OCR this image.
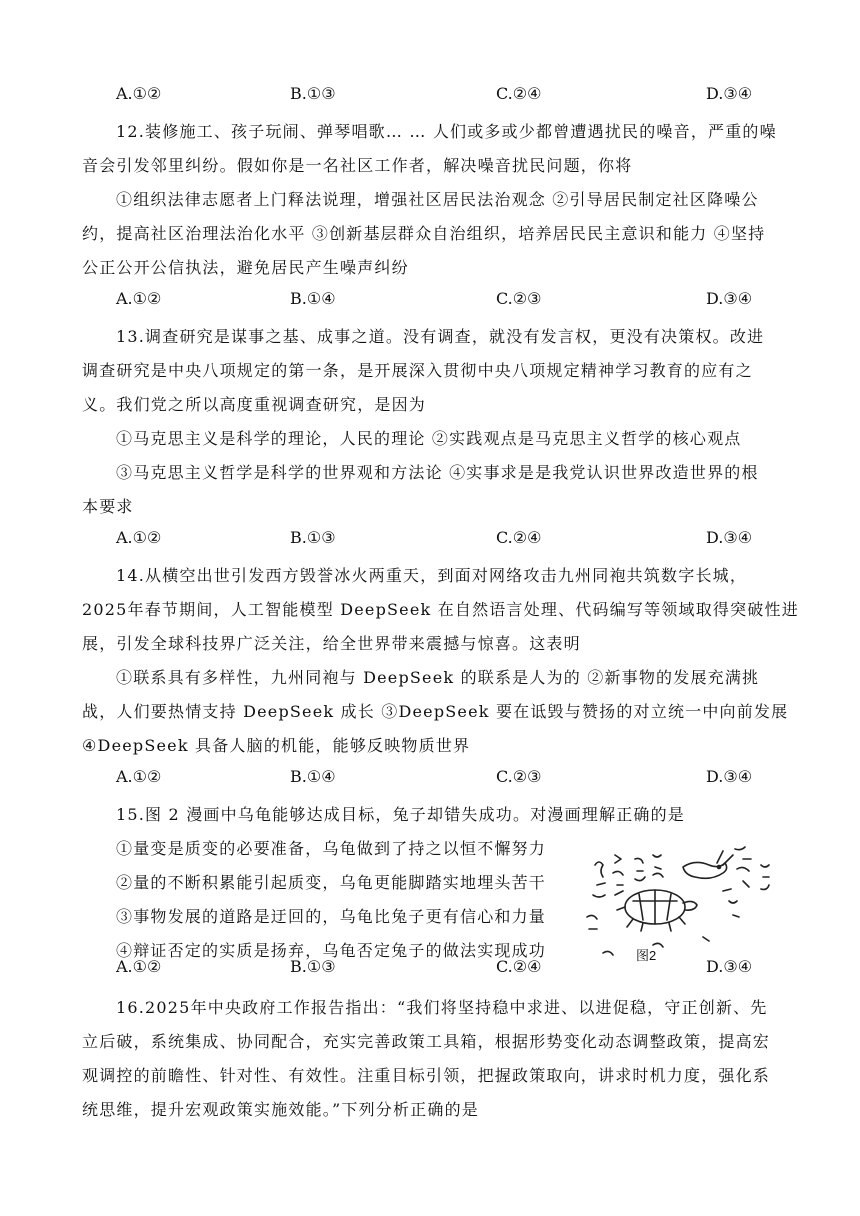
A.①②	B.①③	C.②④	D.③④
12.装修施工、孩子玩闹、弹琴唱歌… … 人们或多或少都曾遭遇扰民的噪音，严重的噪
音会引发邻里纠纷。假如你是一名社区工作者，解决噪音扰民问题，你将
①组织法律志愿者上门释法说理，增强社区居民法治观念 ②引导居民制定社区降噪公
约，提高社区治理法治化水平 ③创新基层群众自治组织，培养居民民主意识和能力 ④坚持
公正公开公信执法，避免居民产生噪声纠纷
A.①②	B.①④	C.②③	D.③④
13.调查研究是谋事之基、成事之道。没有调查，就没有发言权，更没有决策权。改进
调查研究是中央八项规定的第一条，是开展深入贯彻中央八项规定精神学习教育的应有之
义。我们党之所以高度重视调查研究，是因为
①马克思主义是科学的理论，人民的理论 ②实践观点是马克思主义哲学的核心观点
③马克思主义哲学是科学的世界观和方法论 ④实事求是是我党认识世界改造世界的根
本要求
A.①②	B.①③	C.②④	D.③④
14.从横空出世引发西方毁誉冰火两重天，到面对网络攻击九州同袍共筑数字长城，
2025年春节期间，人工智能模型 DeepSeek 在自然语言处理、代码编写等领域取得突破性进
展，引发全球科技界广泛关注，给全世界带来震撼与惊喜。这表明
①联系具有多样性，九州同袍与 DeepSeek 的联系是人为的 ②新事物的发展充满挑
战，人们要热情支持 DeepSeek 成长 ③DeepSeek 要在诋毁与赞扬的对立统一中向前发展
④DeepSeek 具备人脑的机能，能够反映物质世界
A.①②	B.①④	C.②③	D.③④
15.图 2 漫画中乌龟能够达成目标，兔子却错失成功。对漫画理解正确的是
①量变是质变的必要准备，乌龟做到了持之以恒不懈努力
②量的不断积累能引起质变，乌龟更能脚踏实地埋头苦干
③事物发展的道路是迂回的，乌龟比兔子更有信心和力量
④辩证否定的实质是扬弃，乌龟否定兔子的做法实现成功	图2
A.①②	B.①③	C.②④	D.③④
16.2025年中央政府工作报告指出：“我们将坚持稳中求进、以进促稳，守正创新、先
立后破，系统集成、协同配合，充实完善政策工具箱，根据形势变化动态调整政策，提高宏
观调控的前瞻性、针对性、有效性。注重目标引领，把握政策取向，讲求时机力度，强化系
统思维，提升宏观政策实施效能。”下列分析正确的是
